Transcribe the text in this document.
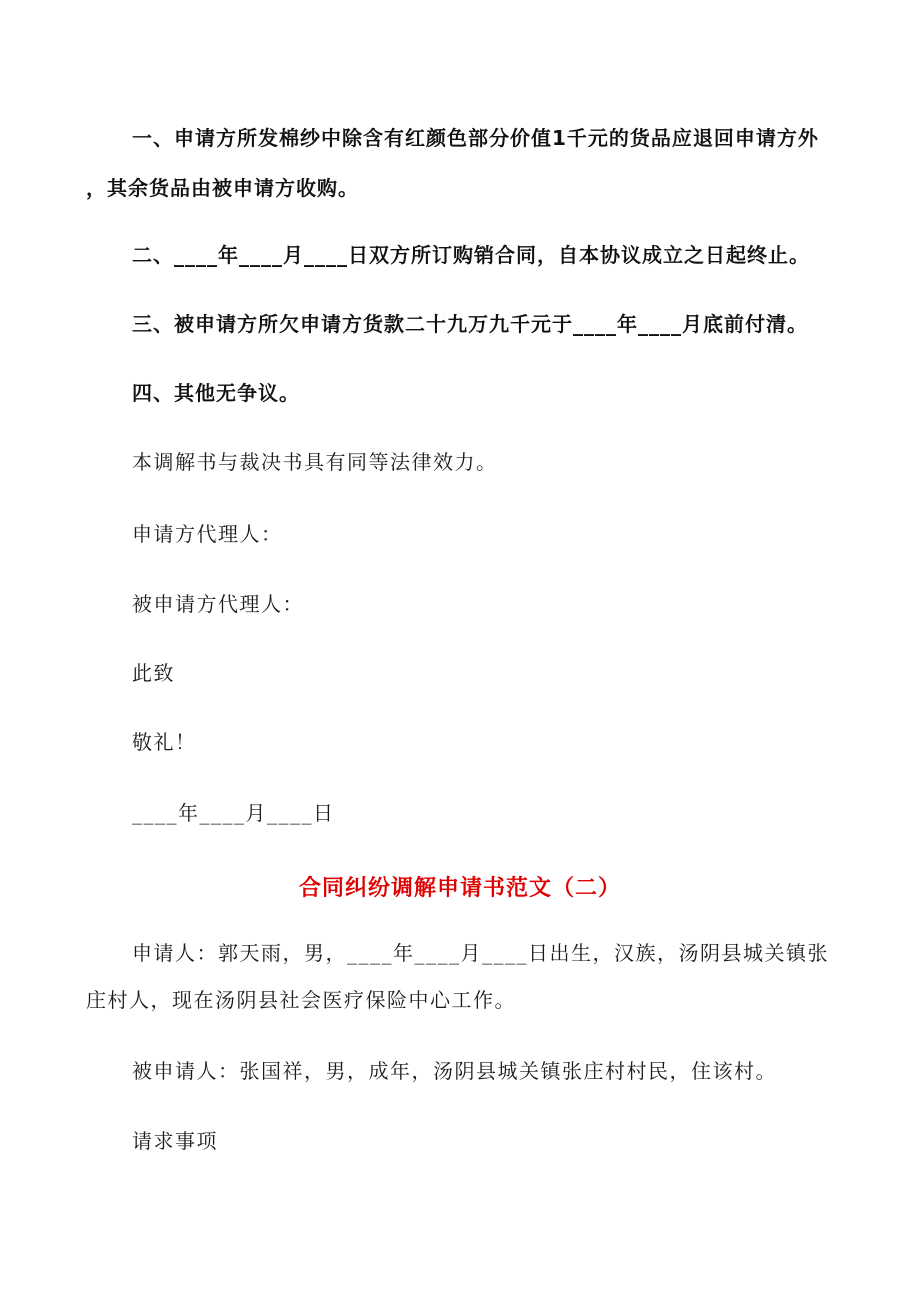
一、申请方所发棉纱中除含有红颜色部分价值1千元的货品应退回申请方外
，其余货品由被申请方收购。
二、____年____月____日双方所订购销合同，自本协议成立之日起终止。
三、被申请方所欠申请方货款二十九万九千元于____年____月底前付清。
四、其他无争议。
本调解书与裁决书具有同等法律效力。
申请方代理人：
被申请方代理人：
此致
敬礼！
____年____月____日
合同纠纷调解申请书范文（二）
申请人：郭天雨，男，____年____月____日出生，汉族，汤阴县城关镇张
庄村人，现在汤阴县社会医疗保险中心工作。
被申请人：张国祥，男，成年，汤阴县城关镇张庄村村民，住该村。
请求事项
